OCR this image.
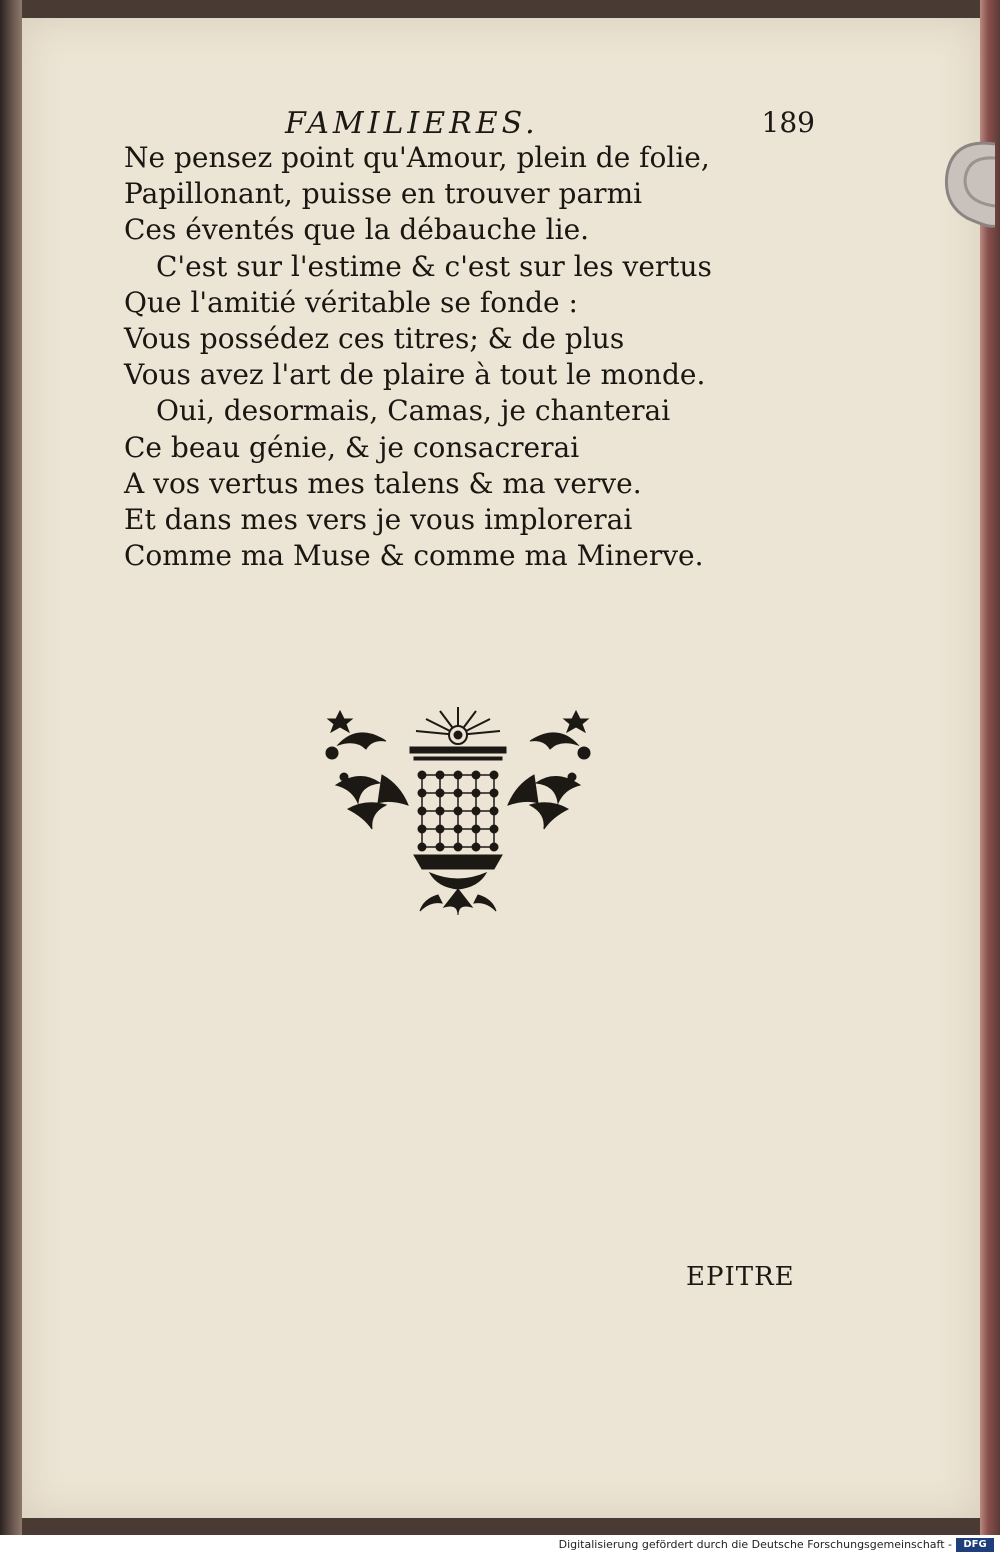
FAMILIERES.	189
Ne pensez point qu'Amour, plein de folie,
Papillonant, puisse en trouver parmi
Ces éventés que la débauche lie.
C'est sur l'estime & c'est sur les vertus
Que l'amitié véritable se fonde :
Vous possédez ces titres; & de plus
Vous avez l'art de plaire à tout le monde.
Oui, desormais, Camas, je chanterai
Ce beau génie, & je consacrerai
A vos vertus mes talens & ma verve.
Et dans mes vers je vous implorerai
Comme ma Muse & comme ma Minerve.
EPITRE
Digitalisierung gefördert durch die Deutsche Forschungsgemeinschaft -	DFG
